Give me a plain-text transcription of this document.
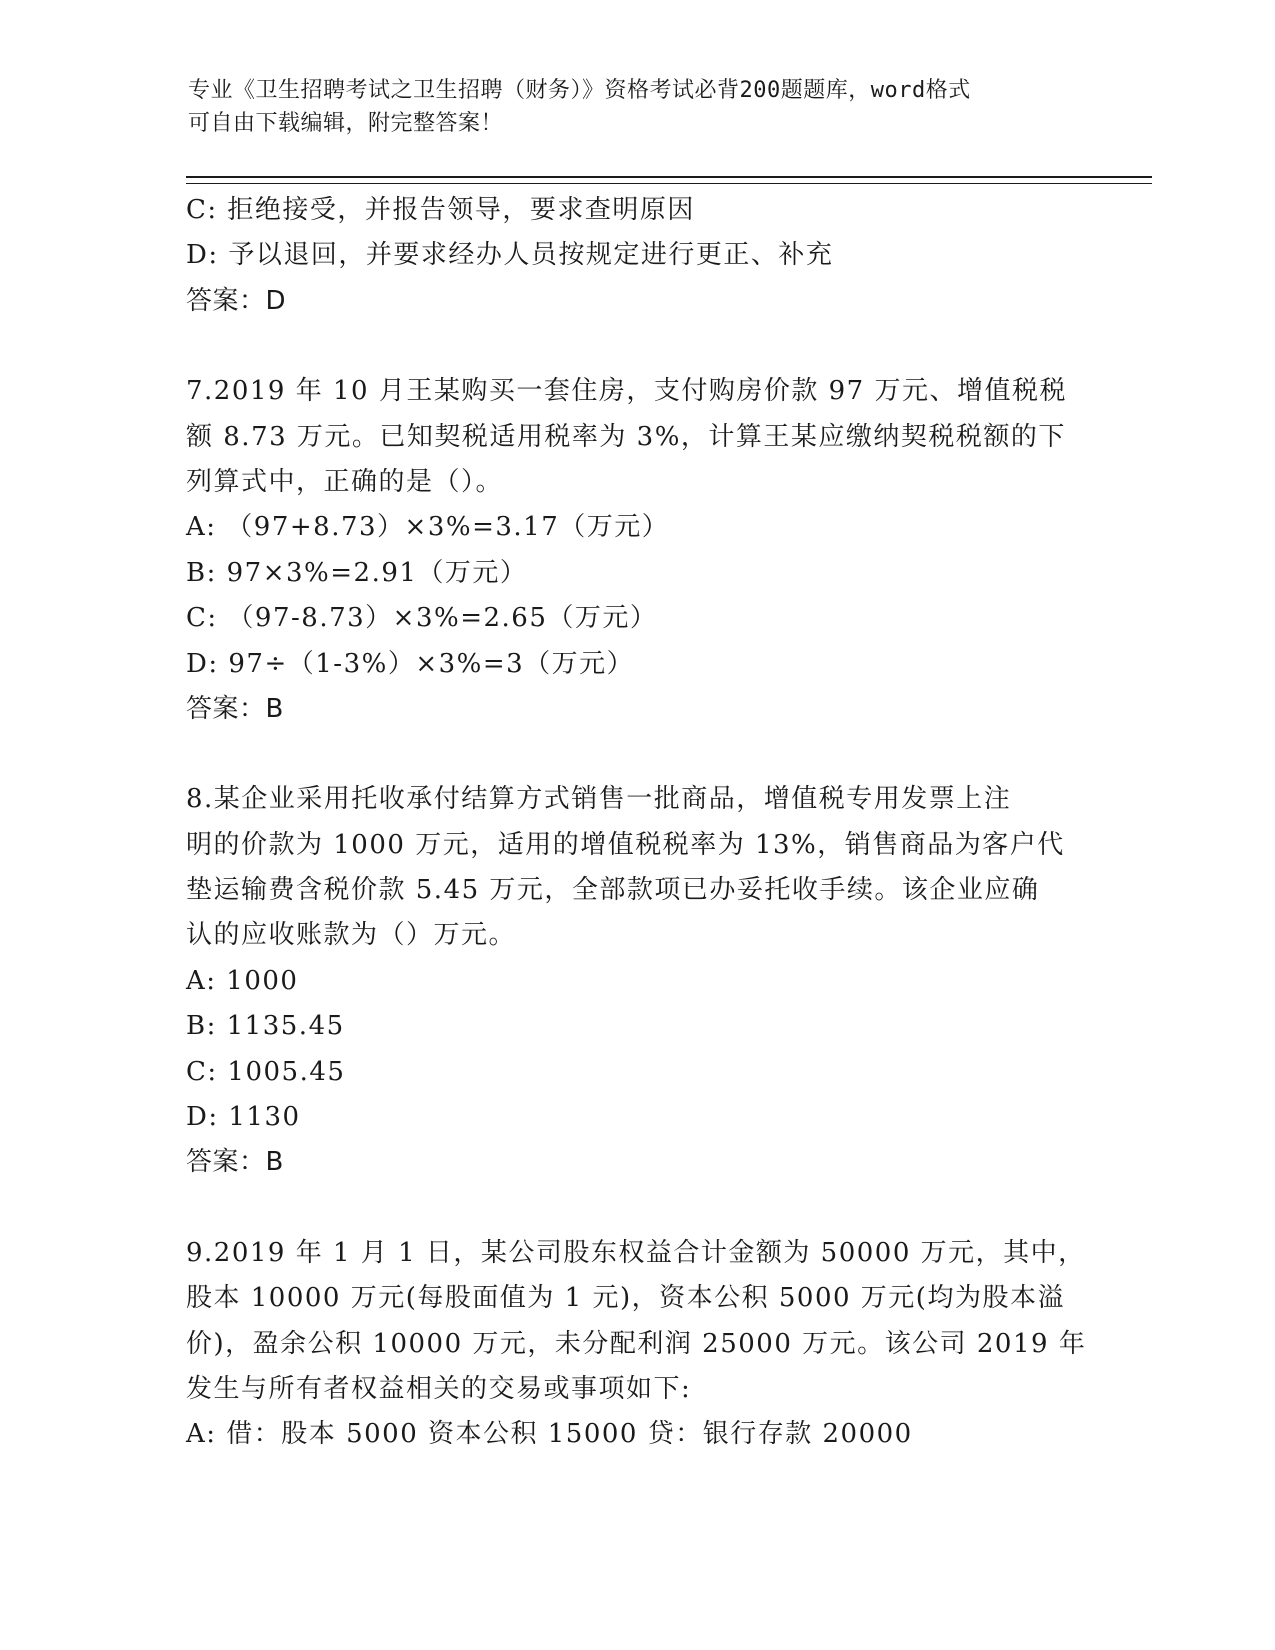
专业《卫生招聘考试之卫生招聘（财务）》资格考试必背200题题库，word格式
可自由下载编辑，附完整答案！
C: 拒绝接受，并报告领导，要求查明原因
D: 予以退回，并要求经办人员按规定进行更正、补充
答案：D
7.2019 年 10 月王某购买一套住房，支付购房价款 97 万元、增值税税
额 8.73 万元。已知契税适用税率为 3%，计算王某应缴纳契税税额的下
列算式中，正确的是（）。
A: （97+8.73）×3%=3.17（万元）
B: 97×3%=2.91（万元）
C: （97-8.73）×3%=2.65（万元）
D: 97÷（1-3%）×3%=3（万元）
答案：B
8.某企业采用托收承付结算方式销售一批商品，增值税专用发票上注
明的价款为 1000 万元，适用的增值税税率为 13%，销售商品为客户代
垫运输费含税价款 5.45 万元，全部款项已办妥托收手续。该企业应确
认的应收账款为（）万元。
A: 1000
B: 1135.45
C: 1005.45
D: 1130
答案：B
9.2019 年 1 月 1 日，某公司股东权益合计金额为 50000 万元，其中，
股本 10000 万元(每股面值为 1 元)，资本公积 5000 万元(均为股本溢
价)，盈余公积 10000 万元，未分配利润 25000 万元。该公司 2019 年
发生与所有者权益相关的交易或事项如下:
A: 借：股本 5000 资本公积 15000 贷：银行存款 20000
